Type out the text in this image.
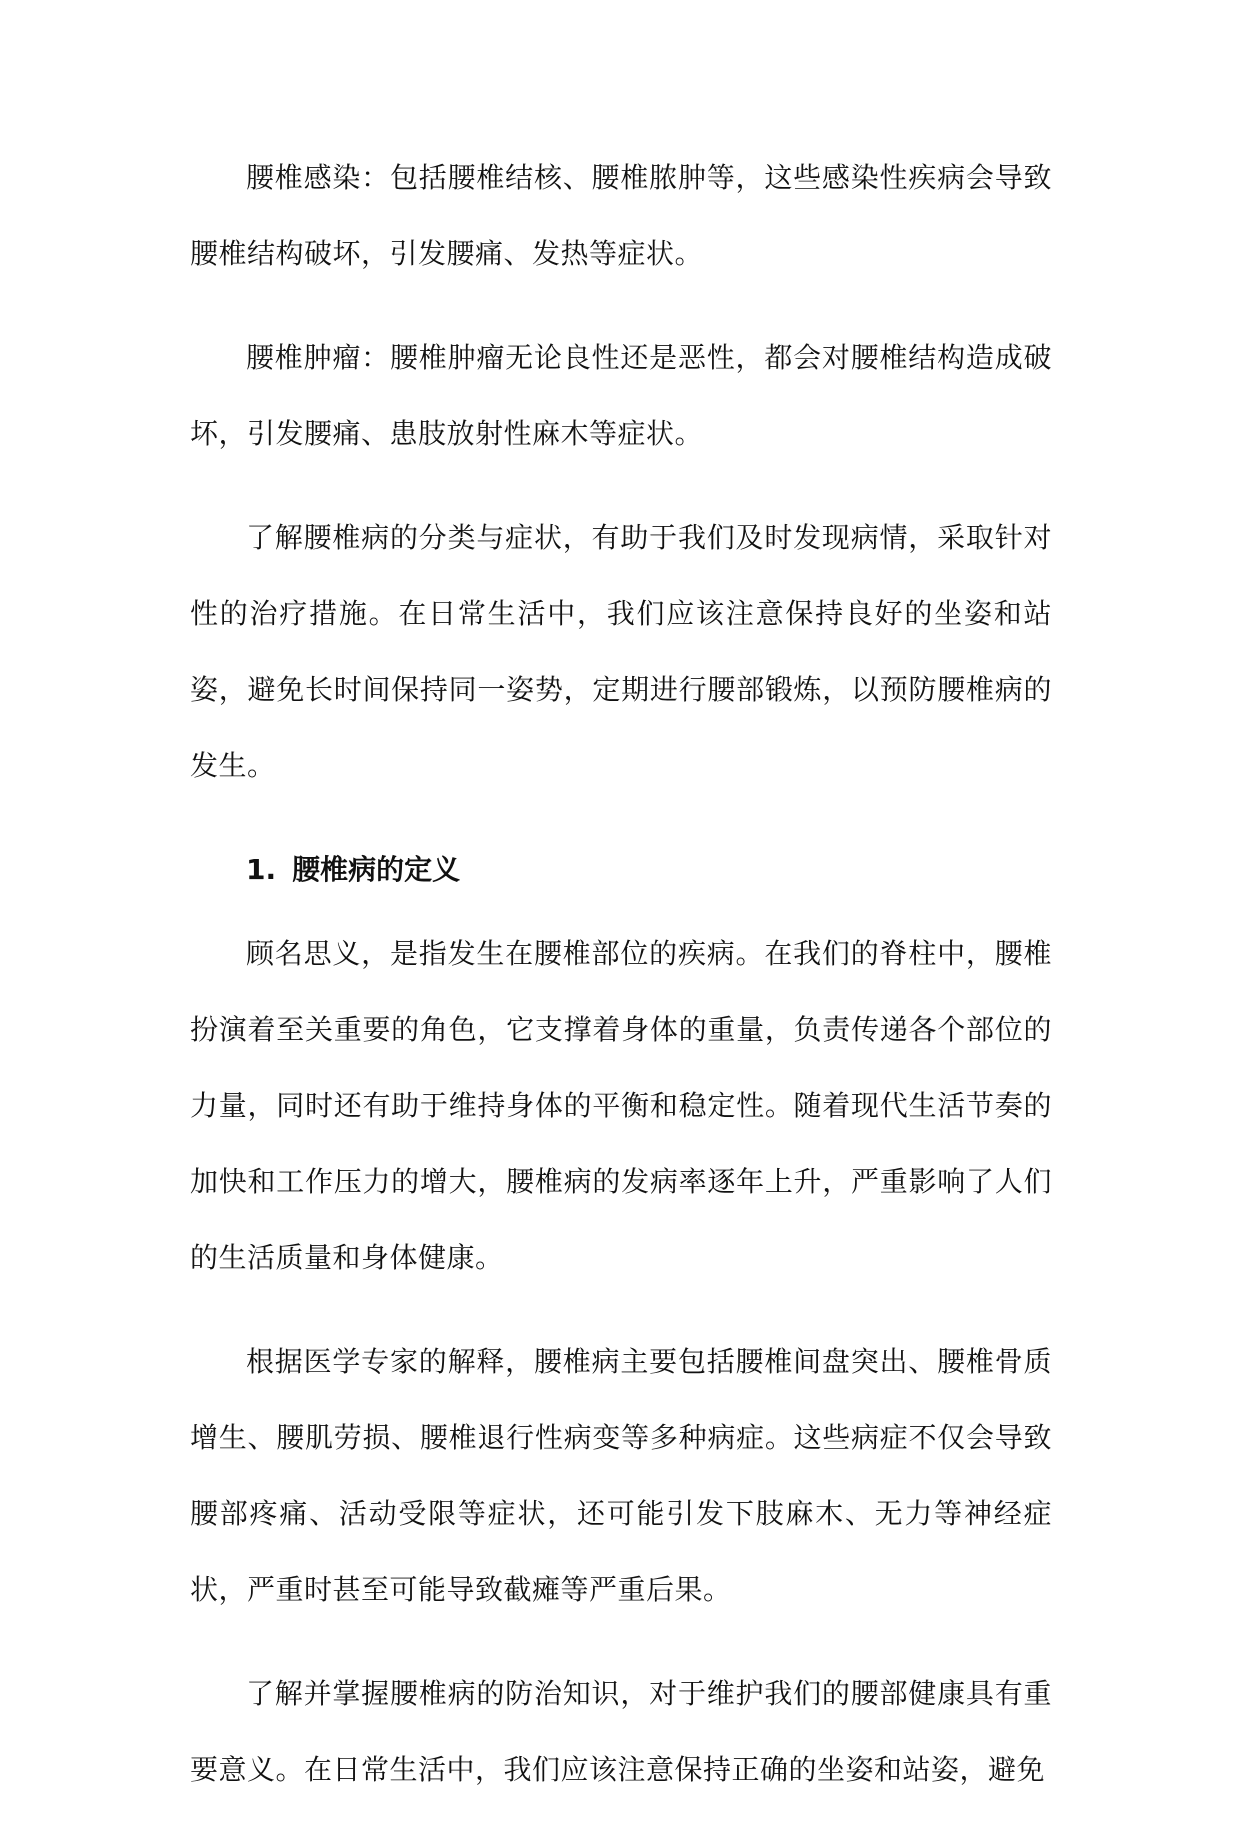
腰椎感染：包括腰椎结核、腰椎脓肿等，这些感染性疾病会导致腰椎结构破坏，引发腰痛、发热等症状。

腰椎肿瘤：腰椎肿瘤无论良性还是恶性，都会对腰椎结构造成破坏，引发腰痛、患肢放射性麻木等症状。

了解腰椎病的分类与症状，有助于我们及时发现病情，采取针对性的治疗措施。在日常生活中，我们应该注意保持良好的坐姿和站姿，避免长时间保持同一姿势，定期进行腰部锻炼，以预防腰椎病的发生。

1. 腰椎病的定义

顾名思义，是指发生在腰椎部位的疾病。在我们的脊柱中，腰椎扮演着至关重要的角色，它支撑着身体的重量，负责传递各个部位的力量，同时还有助于维持身体的平衡和稳定性。随着现代生活节奏的加快和工作压力的增大，腰椎病的发病率逐年上升，严重影响了人们的生活质量和身体健康。

根据医学专家的解释，腰椎病主要包括腰椎间盘突出、腰椎骨质增生、腰肌劳损、腰椎退行性病变等多种病症。这些病症不仅会导致腰部疼痛、活动受限等症状，还可能引发下肢麻木、无力等神经症状，严重时甚至可能导致截瘫等严重后果。

了解并掌握腰椎病的防治知识，对于维护我们的腰部健康具有重要意义。在日常生活中，我们应该注意保持正确的坐姿和站姿，避免
